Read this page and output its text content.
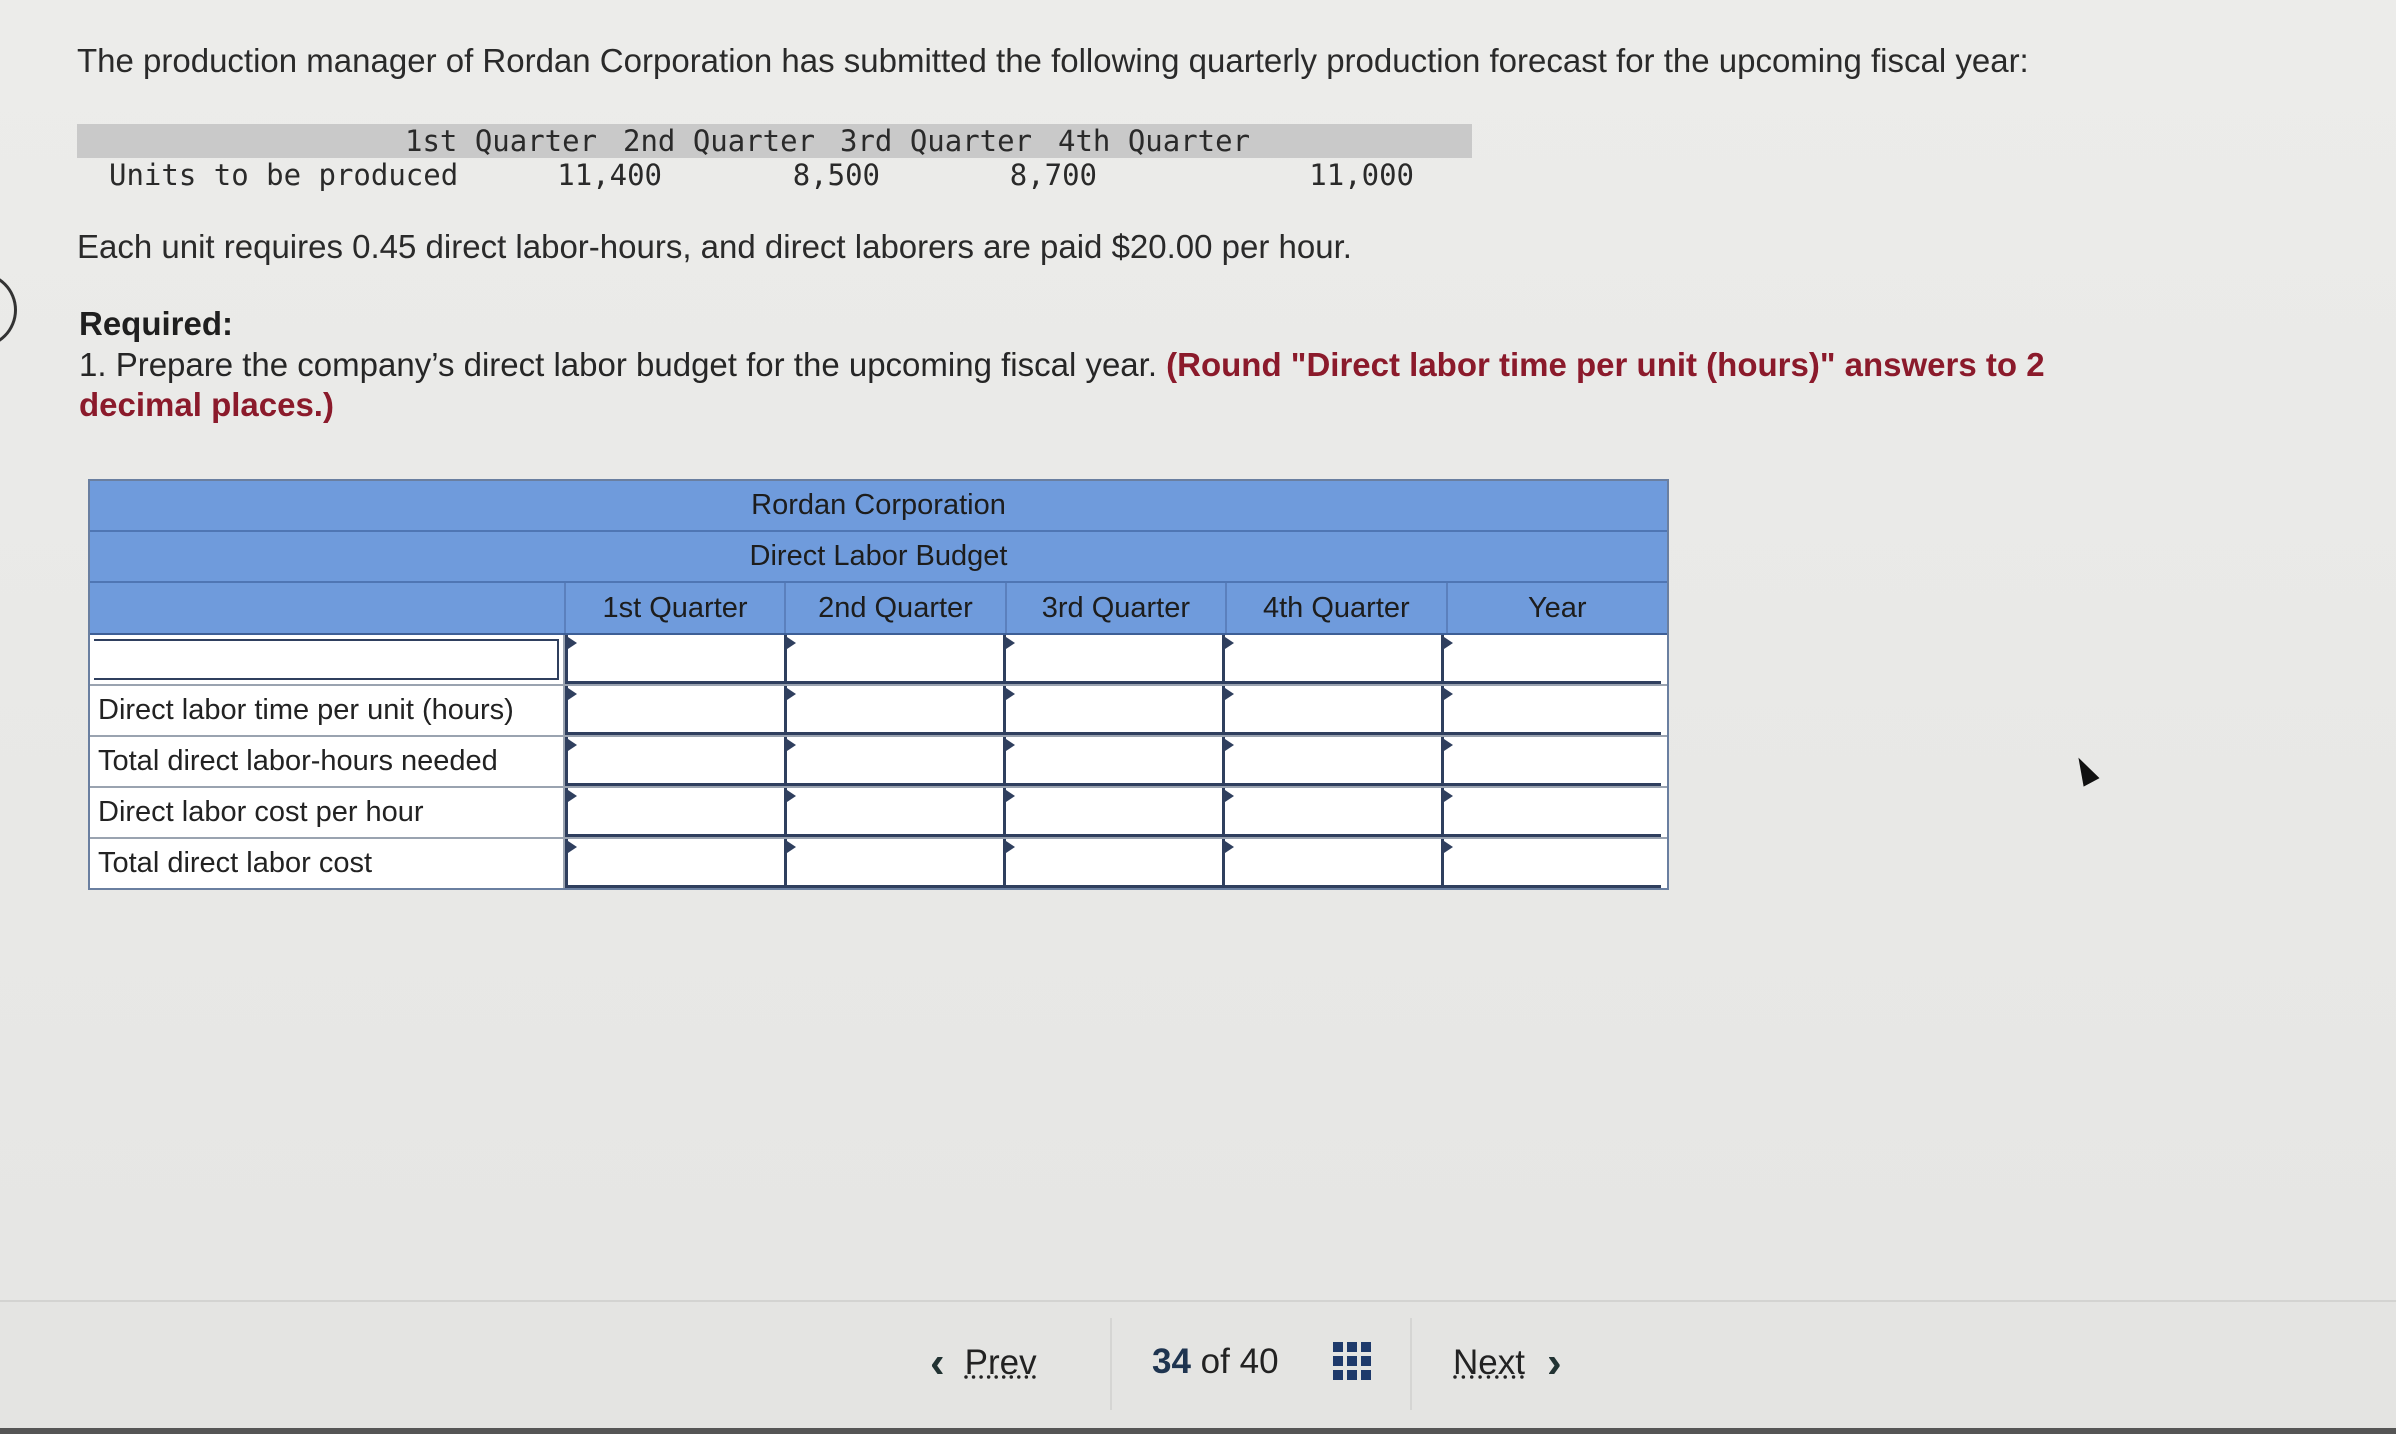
The production manager of Rordan Corporation has submitted the following quarterly production forecast for the upcoming fiscal year:
1st Quarter 2nd Quarter 3rd Quarter 4th Quarter
Units to be produced	11,400	8,500	8,700	11,000
Each unit requires 0.45 direct labor-hours, and direct laborers are paid $20.00 per hour.
Required:
1. Prepare the company’s direct labor budget for the upcoming fiscal year. (Round "Direct labor time per unit (hours)" answers to 2 decimal places.)
Rordan Corporation
Direct Labor Budget
1st Quarter	2nd Quarter	3rd Quarter	4th Quarter	Year
Direct labor time per unit (hours)
Total direct labor-hours needed
Direct labor cost per hour
Total direct labor cost
‹ Prev	34 of 40	Next ›
